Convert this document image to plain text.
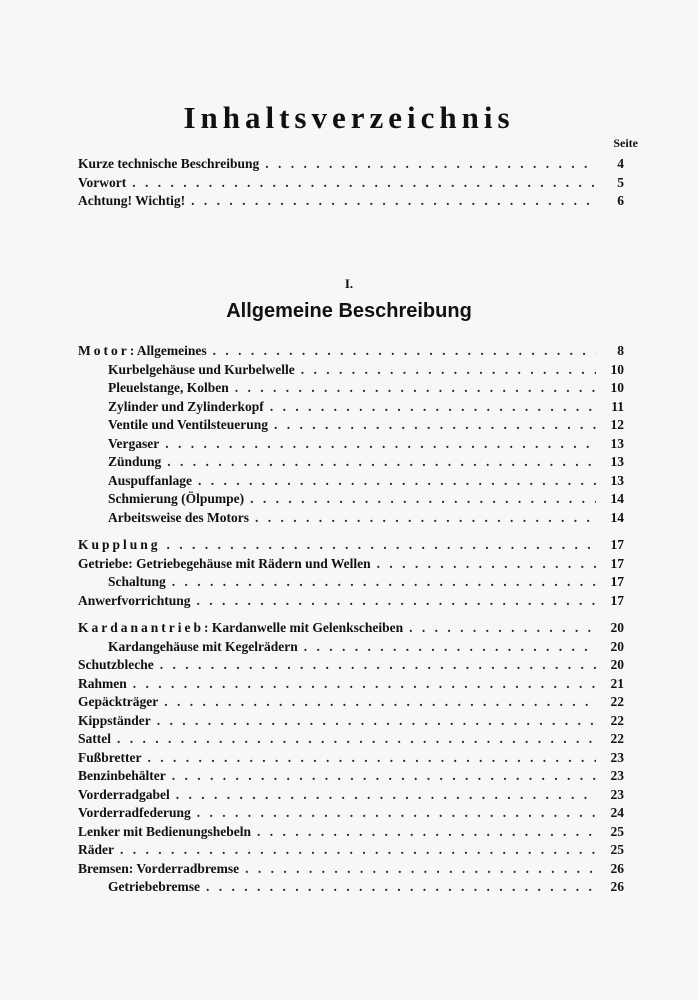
Inhaltsverzeichnis
Seite
Kurze technische Beschreibung . . .	4
Vorwort . . .	5
Achtung! Wichtig! . . .	6
I.
Allgemeine Beschreibung
Motor: Allgemeines . . .	8
Kurbelgehäuse und Kurbelwelle . . .	10
Pleuelstange, Kolben . . .	10
Zylinder und Zylinderkopf . . .	11
Ventile und Ventilsteuerung . . .	12
Vergaser . . .	13
Zündung . . .	13
Auspuffanlage . . .	13
Schmierung (Ölpumpe) . . .	14
Arbeitsweise des Motors . . .	14
Kupplung . . .	17
Getriebe: Getriebegehäuse mit Rädern und Wellen . . .	17
Schaltung . . .	17
Anwerfvorrichtung . . .	17
Kardanantrieb: Kardanwelle mit Gelenkscheiben . . .	20
Kardangehäuse mit Kegelrädern . . .	20
Schutzbleche . . .	20
Rahmen . . .	21
Gepäckträger . . .	22
Kippständer . . .	22
Sattel . . .	22
Fußbretter . . .	23
Benzinbehälter . . .	23
Vorderradgabel . . .	23
Vorderradfederung . . .	24
Lenker mit Bedienungshebeln . . .	25
Räder . . .	25
Bremsen: Vorderradbremse . . .	26
Getriebebremse . . .	26
